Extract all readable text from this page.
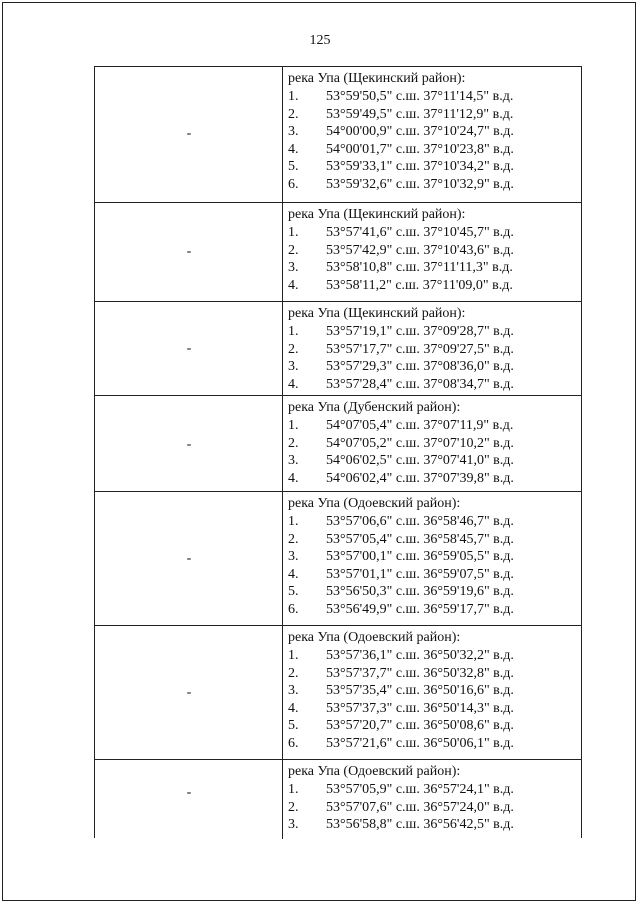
125
-
река Упа (Щекинский район):
1. 53°59'50,5" с.ш. 37°11'14,5" в.д.
2. 53°59'49,5" с.ш. 37°11'12,9" в.д.
3. 54°00'00,9" с.ш. 37°10'24,7" в.д.
4. 54°00'01,7" с.ш. 37°10'23,8" в.д.
5. 53°59'33,1" с.ш. 37°10'34,2" в.д.
6. 53°59'32,6" с.ш. 37°10'32,9" в.д.
-
река Упа (Щекинский район):
1. 53°57'41,6" с.ш. 37°10'45,7" в.д.
2. 53°57'42,9" с.ш. 37°10'43,6" в.д.
3. 53°58'10,8" с.ш. 37°11'11,3" в.д.
4. 53°58'11,2" с.ш. 37°11'09,0" в.д.
-
река Упа (Щекинский район):
1. 53°57'19,1" с.ш. 37°09'28,7" в.д.
2. 53°57'17,7" с.ш. 37°09'27,5" в.д.
3. 53°57'29,3" с.ш. 37°08'36,0" в.д.
4. 53°57'28,4" с.ш. 37°08'34,7" в.д.
-
река Упа (Дубенский район):
1. 54°07'05,4" с.ш. 37°07'11,9" в.д.
2. 54°07'05,2" с.ш. 37°07'10,2" в.д.
3. 54°06'02,5" с.ш. 37°07'41,0" в.д.
4. 54°06'02,4" с.ш. 37°07'39,8" в.д.
-
река Упа (Одоевский район):
1. 53°57'06,6" с.ш. 36°58'46,7" в.д.
2. 53°57'05,4" с.ш. 36°58'45,7" в.д.
3. 53°57'00,1" с.ш. 36°59'05,5" в.д.
4. 53°57'01,1" с.ш. 36°59'07,5" в.д.
5. 53°56'50,3" с.ш. 36°59'19,6" в.д.
6. 53°56'49,9" с.ш. 36°59'17,7" в.д.
-
река Упа (Одоевский район):
1. 53°57'36,1" с.ш. 36°50'32,2" в.д.
2. 53°57'37,7" с.ш. 36°50'32,8" в.д.
3. 53°57'35,4" с.ш. 36°50'16,6" в.д.
4. 53°57'37,3" с.ш. 36°50'14,3" в.д.
5. 53°57'20,7" с.ш. 36°50'08,6" в.д.
6. 53°57'21,6" с.ш. 36°50'06,1" в.д.
-
река Упа (Одоевский район):
1. 53°57'05,9" с.ш. 36°57'24,1" в.д.
2. 53°57'07,6" с.ш. 36°57'24,0" в.д.
3. 53°56'58,8" с.ш. 36°56'42,5" в.д.
